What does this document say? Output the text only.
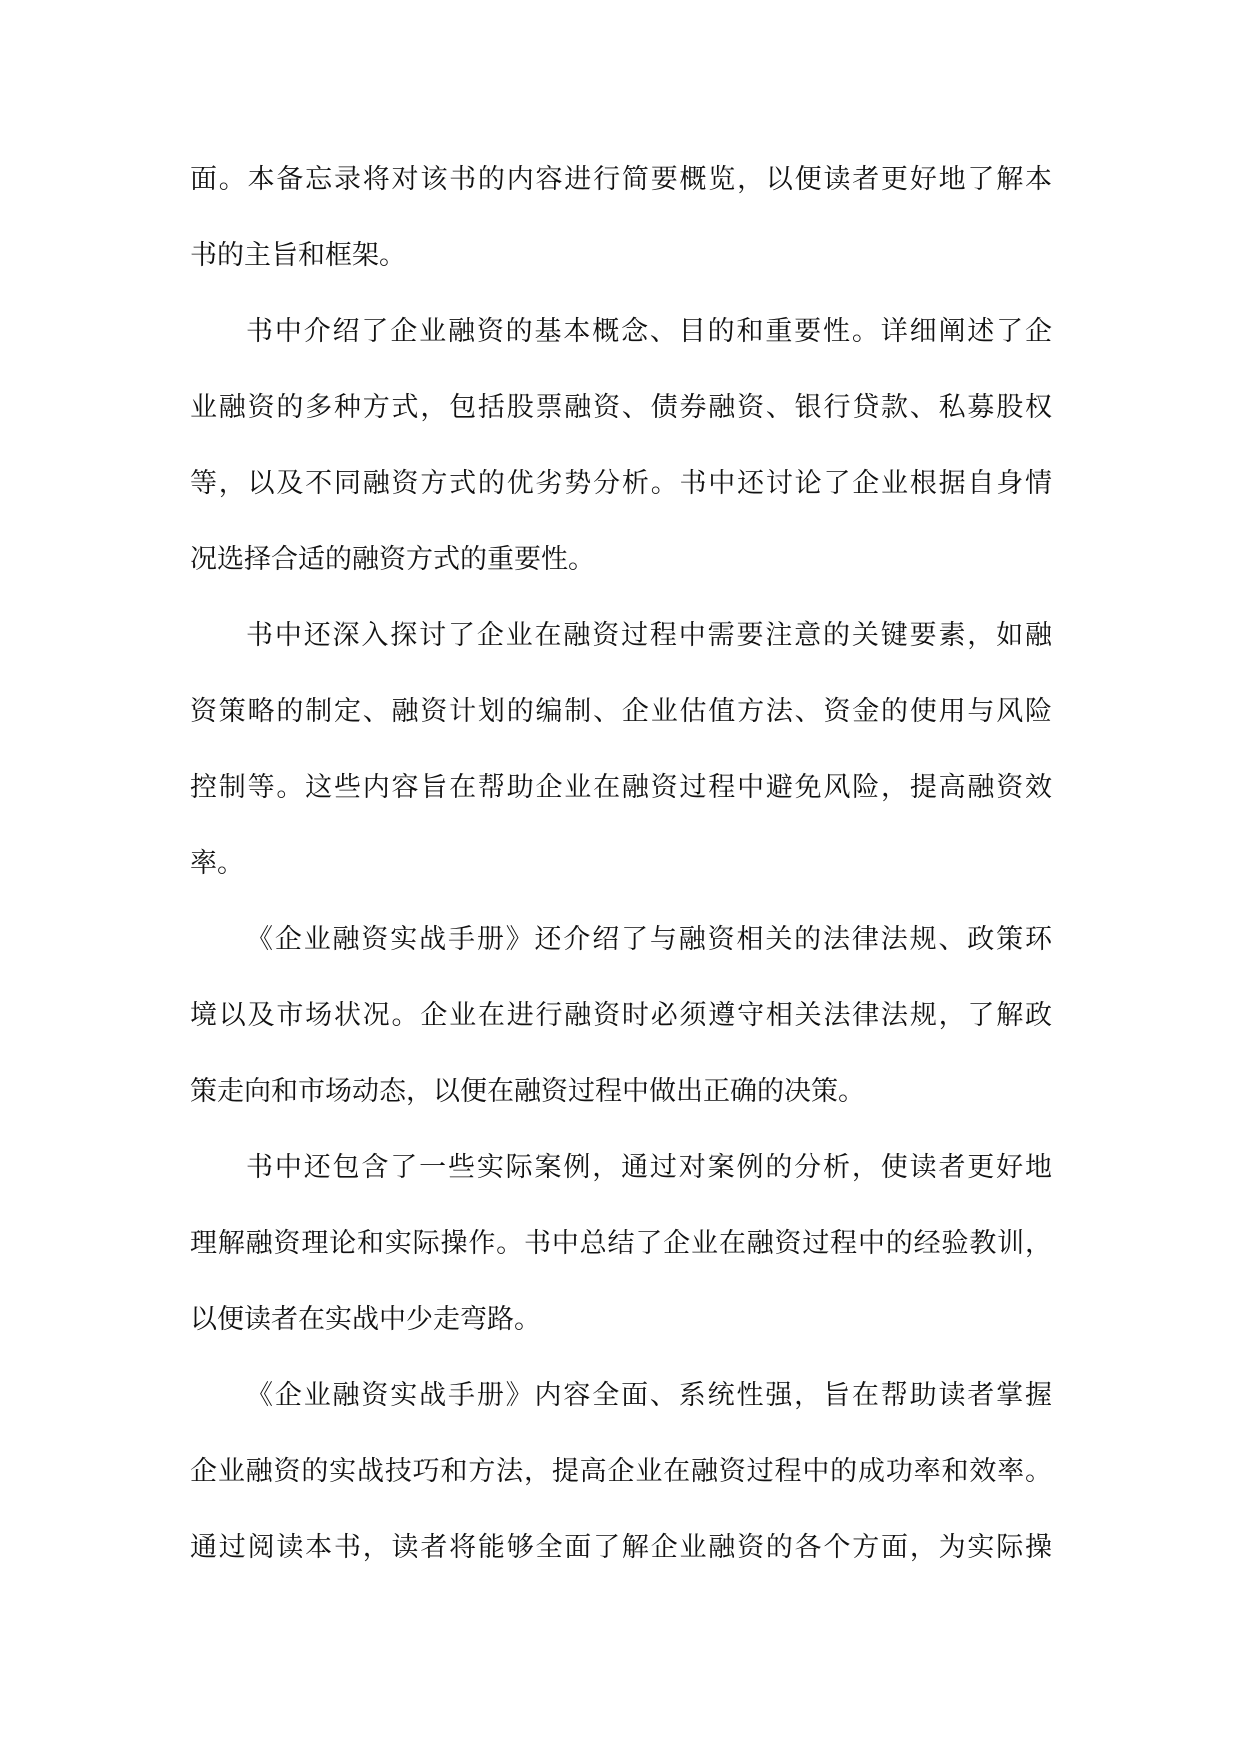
面。本备忘录将对该书的内容进行简要概览，以便读者更好地了解本
书的主旨和框架。
书中介绍了企业融资的基本概念、目的和重要性。详细阐述了企
业融资的多种方式，包括股票融资、债券融资、银行贷款、私募股权
等，以及不同融资方式的优劣势分析。书中还讨论了企业根据自身情
况选择合适的融资方式的重要性。
书中还深入探讨了企业在融资过程中需要注意的关键要素，如融
资策略的制定、融资计划的编制、企业估值方法、资金的使用与风险
控制等。这些内容旨在帮助企业在融资过程中避免风险，提高融资效
率。
《企业融资实战手册》还介绍了与融资相关的法律法规、政策环
境以及市场状况。企业在进行融资时必须遵守相关法律法规，了解政
策走向和市场动态，以便在融资过程中做出正确的决策。
书中还包含了一些实际案例，通过对案例的分析，使读者更好地
理解融资理论和实际操作。书中总结了企业在融资过程中的经验教训，
以便读者在实战中少走弯路。
《企业融资实战手册》内容全面、系统性强，旨在帮助读者掌握
企业融资的实战技巧和方法，提高企业在融资过程中的成功率和效率。
通过阅读本书，读者将能够全面了解企业融资的各个方面，为实际操
